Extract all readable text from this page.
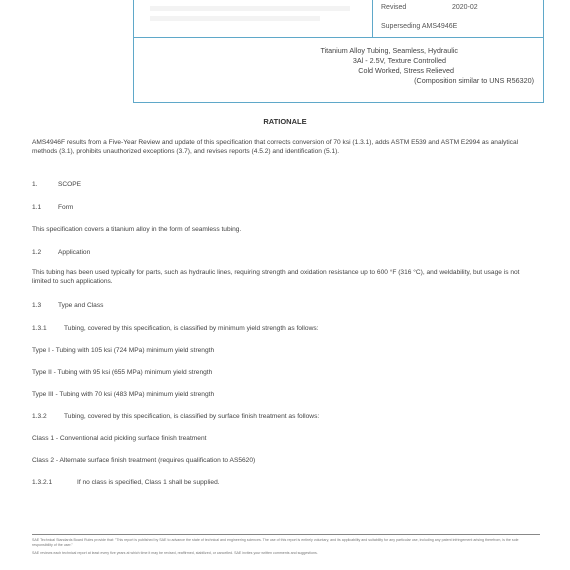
Revised	2020-02
Superseding AMS4946E
Titanium Alloy Tubing, Seamless, Hydraulic
3Al - 2.5V, Texture Controlled
Cold Worked, Stress Relieved
(Composition similar to UNS R56320)
RATIONALE
AMS4946F results from a Five-Year Review and update of this specification that corrects conversion of 70 ksi (1.3.1), adds ASTM E539 and ASTM E2994 as analytical methods (3.1), prohibits unauthorized exceptions (3.7), and revises reports (4.5.2) and identification (5.1).
1.	SCOPE
1.1	Form
This specification covers a titanium alloy in the form of seamless tubing.
1.2	Application
This tubing has been used typically for parts, such as hydraulic lines, requiring strength and oxidation resistance up to 600 °F (316 °C), and weldability, but usage is not limited to such applications.
1.3	Type and Class
1.3.1	Tubing, covered by this specification, is classified by minimum yield strength as follows:
Type I - Tubing with 105 ksi (724 MPa) minimum yield strength
Type II - Tubing with 95 ksi (655 MPa) minimum yield strength
Type III - Tubing with 70 ksi (483 MPa) minimum yield strength
1.3.2	Tubing, covered by this specification, is classified by surface finish treatment as follows:
Class 1 - Conventional acid pickling surface finish treatment
Class 2 - Alternate surface finish treatment (requires qualification to AS5620)
1.3.2.1	If no class is specified, Class 1 shall be supplied.
SAE Technical Standards Board Rules provide that: "This report is published by SAE to advance the state of technical and engineering sciences. The use of this report is entirely voluntary, and its applicability and suitability for any particular use, including any patent infringement arising therefrom, is the sole responsibility of the user."
SAE reviews each technical report at least every five years at which time it may be revised, reaffirmed, stabilized, or cancelled. SAE invites your written comments and suggestions.
